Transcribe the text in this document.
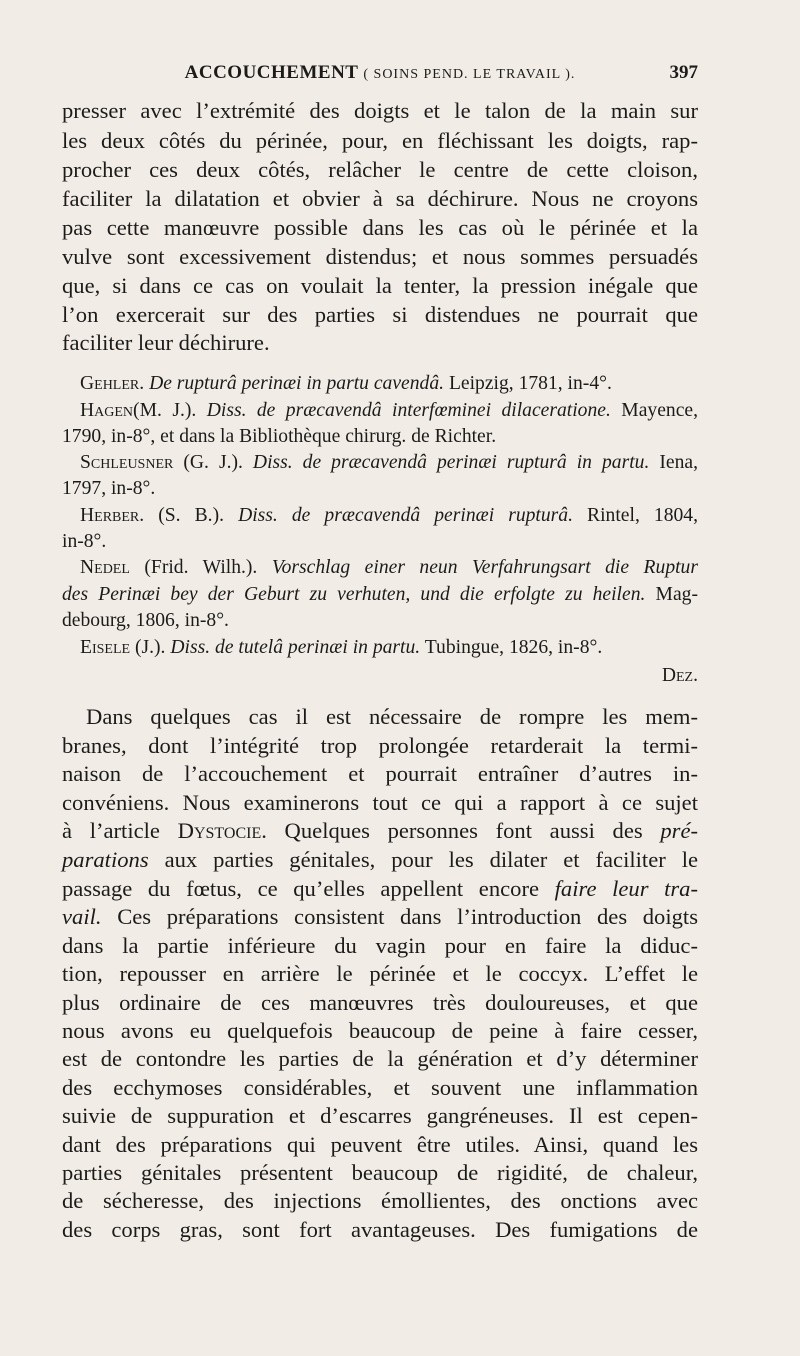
ACCOUCHEMENT ( SOINS PEND. LE TRAVAIL ).	397
presser avec l’extrémité des doigts et le talon de la main sur
les deux côtés du périnée, pour, en fléchissant les doigts, rap-
procher ces deux côtés, relâcher le centre de cette cloison,
faciliter la dilatation et obvier à sa déchirure. Nous ne croyons
pas cette manœuvre possible dans les cas où le périnée et la
vulve sont excessivement distendus; et nous sommes persuadés
que, si dans ce cas on voulait la tenter, la pression inégale que
l’on exercerait sur des parties si distendues ne pourrait que
faciliter leur déchirure.
Gehler. De rupturâ perinæi in partu cavendâ. Leipzig, 1781, in-4°.
Hagen(M. J.). Diss. de præcavendâ interfœminei dilaceratione. Mayence,
1790, in-8°, et dans la Bibliothèque chirurg. de Richter.
Schleusner (G. J.). Diss. de præcavendâ perinæi rupturâ in partu. Iena,
1797, in-8°.
Herber. (S. B.). Diss. de præcavendâ perinæi rupturâ. Rintel, 1804,
in-8°.
Nedel (Frid. Wilh.). Vorschlag einer neun Verfahrungsart die Ruptur
des Perinæi bey der Geburt zu verhuten, und die erfolgte zu heilen. Mag-
debourg, 1806, in-8°.
Eisele (J.). Diss. de tutelâ perinæi in partu. Tubingue, 1826, in-8°.
Dez.
Dans quelques cas il est nécessaire de rompre les mem-
branes, dont l’intégrité trop prolongée retarderait la termi-
naison de l’accouchement et pourrait entraîner d’autres in-
convéniens. Nous examinerons tout ce qui a rapport à ce sujet
à l’article Dystocie. Quelques personnes font aussi des pré-
parations aux parties génitales, pour les dilater et faciliter le
passage du fœtus, ce qu’elles appellent encore faire leur tra-
vail. Ces préparations consistent dans l’introduction des doigts
dans la partie inférieure du vagin pour en faire la diduc-
tion, repousser en arrière le périnée et le coccyx. L’effet le
plus ordinaire de ces manœuvres très douloureuses, et que
nous avons eu quelquefois beaucoup de peine à faire cesser,
est de contondre les parties de la génération et d’y déterminer
des ecchymoses considérables, et souvent une inflammation
suivie de suppuration et d’escarres gangréneuses. Il est cepen-
dant des préparations qui peuvent être utiles. Ainsi, quand les
parties génitales présentent beaucoup de rigidité, de chaleur,
de sécheresse, des injections émollientes, des onctions avec
des corps gras, sont fort avantageuses. Des fumigations de
